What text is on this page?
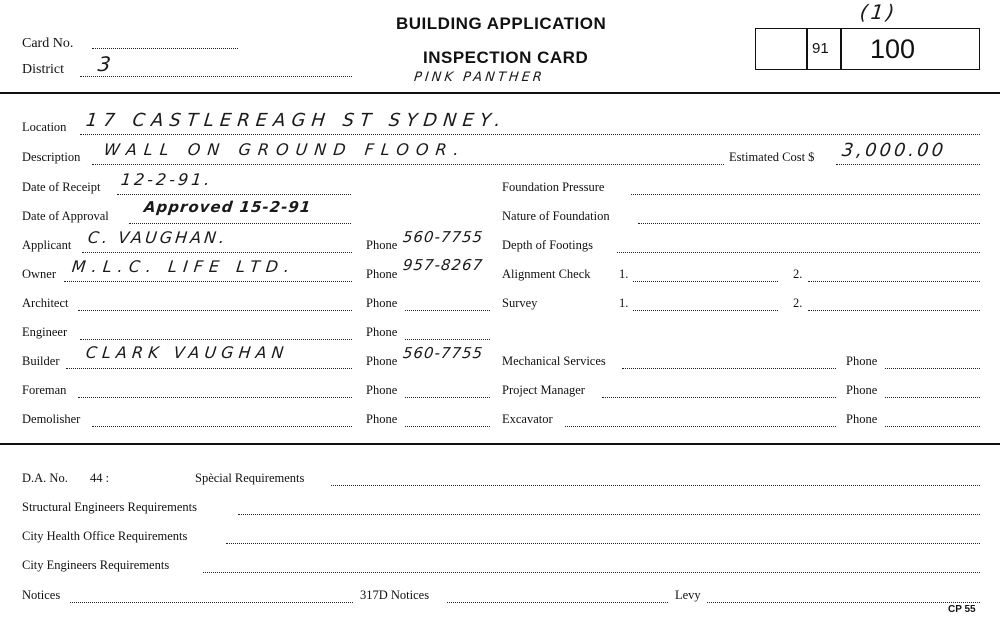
Card No.
District 3
BUILDING APPLICATION
INSPECTION CARD
PINK PANTHER
(1)
91 100
Location 17 CASTLEREAGH ST SYDNEY.
Description WALL ON GROUND FLOOR.	Estimated Cost $ 3,000.00
Date of Receipt 12-2-91.	Foundation Pressure
Date of Approval Approved 15-2-91	Nature of Foundation
Applicant C. VAUGHAN.	Phone 560-7755 Depth of Footings
Owner M.L.C. LIFE LTD.	Phone 957-8267 Alignment Check 1.	2.
Architect	Phone	Survey	1.	2.
Engineer	Phone
Builder CLARK VAUGHAN	Phone 560-7755 Mechanical Services	Phone
Foreman	Phone	Project Manager	Phone
Demolisher	Phone	Excavator	Phone
D.A. No. 44 :	Spècial Requirements
Structural Engineers Requirements
City Health Office Requirements
City Engineers Requirements
Notices	317D Notices	Levy
CP 55
